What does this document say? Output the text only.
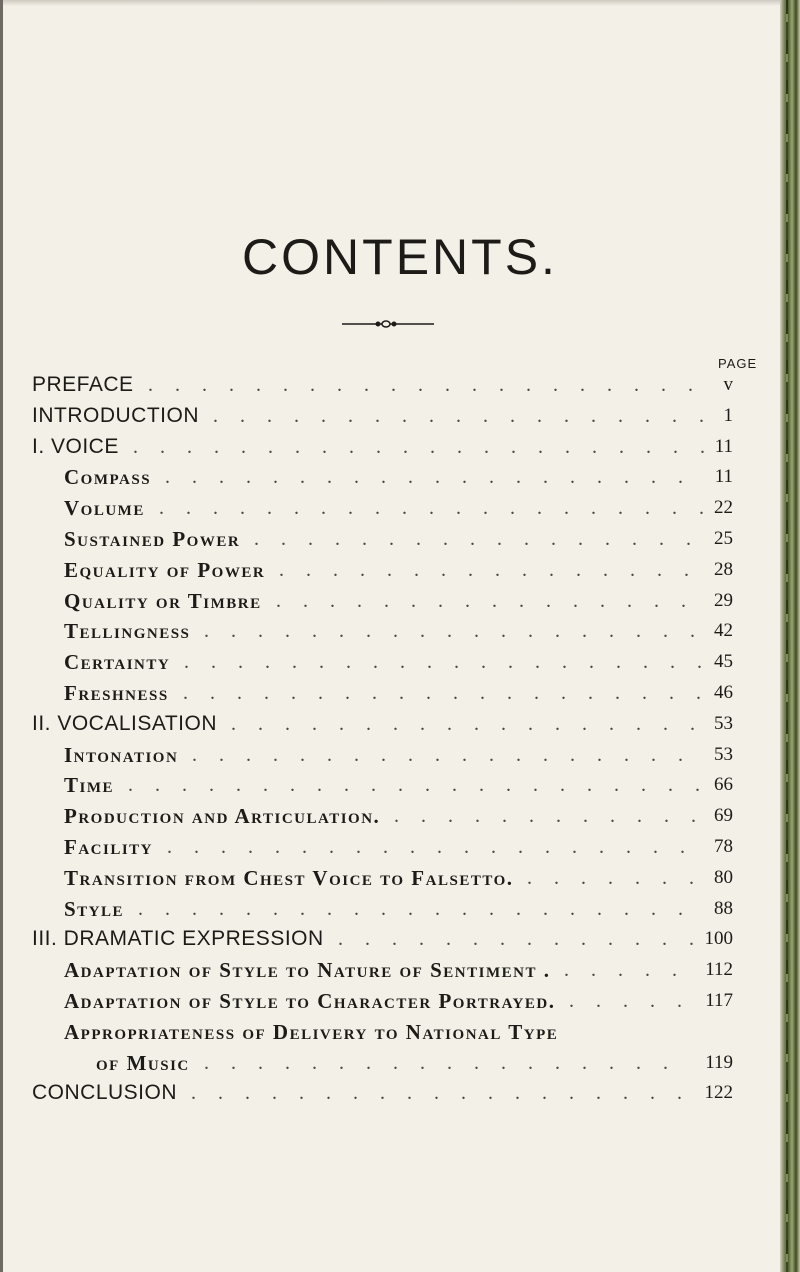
CONTENTS.
PAGE
PREFACE	v
. . . . . . . . . . . . . . . . . . . . .
INTRODUCTION	1
. . . . . . . . . . . . . . . . . . .
I. VOICE	11
. . . . . . . . . . . . . . . . . . . . . .
Compass	11
. . . . . . . . . . . . . . . . . . . .
Volume	22
. . . . . . . . . . . . . . . . . . . . .
Sustained Power	25
. . . . . . . . . . . . . . . . .
Equality of Power	28
. . . . . . . . . . . . . . . .
Quality or Timbre	29
. . . . . . . . . . . . . . . .
Tellingness	42
. . . . . . . . . . . . . . . . . . .
Certainty	45
. . . . . . . . . . . . . . . . . . . .
Freshness	46
. . . . . . . . . . . . . . . . . . . .
II. VOCALISATION	53
. . . . . . . . . . . . . . . . . .
Intonation	53
. . . . . . . . . . . . . . . . . . .
Time	66
. . . . . . . . . . . . . . . . . . . . . .
Production and Articulation.	69
. . . . . . . . . . . .
Facility	78
. . . . . . . . . . . . . . . . . . . .
Transition from Chest Voice to Falsetto.	80
. . . . . . .
Style	88
. . . . . . . . . . . . . . . . . . . . .
III. DRAMATIC EXPRESSION	100
. . . . . . . . . . . . . .
Adaptation of Style to Nature of Sentiment .	112
. . . . .
Adaptation of Style to Character Portrayed.	117
. . . . .
Appropriateness of Delivery to National Type
of Music	119
. . . . . . . . . . . . . . . . . .
CONCLUSION	122
. . . . . . . . . . . . . . . . . . .
